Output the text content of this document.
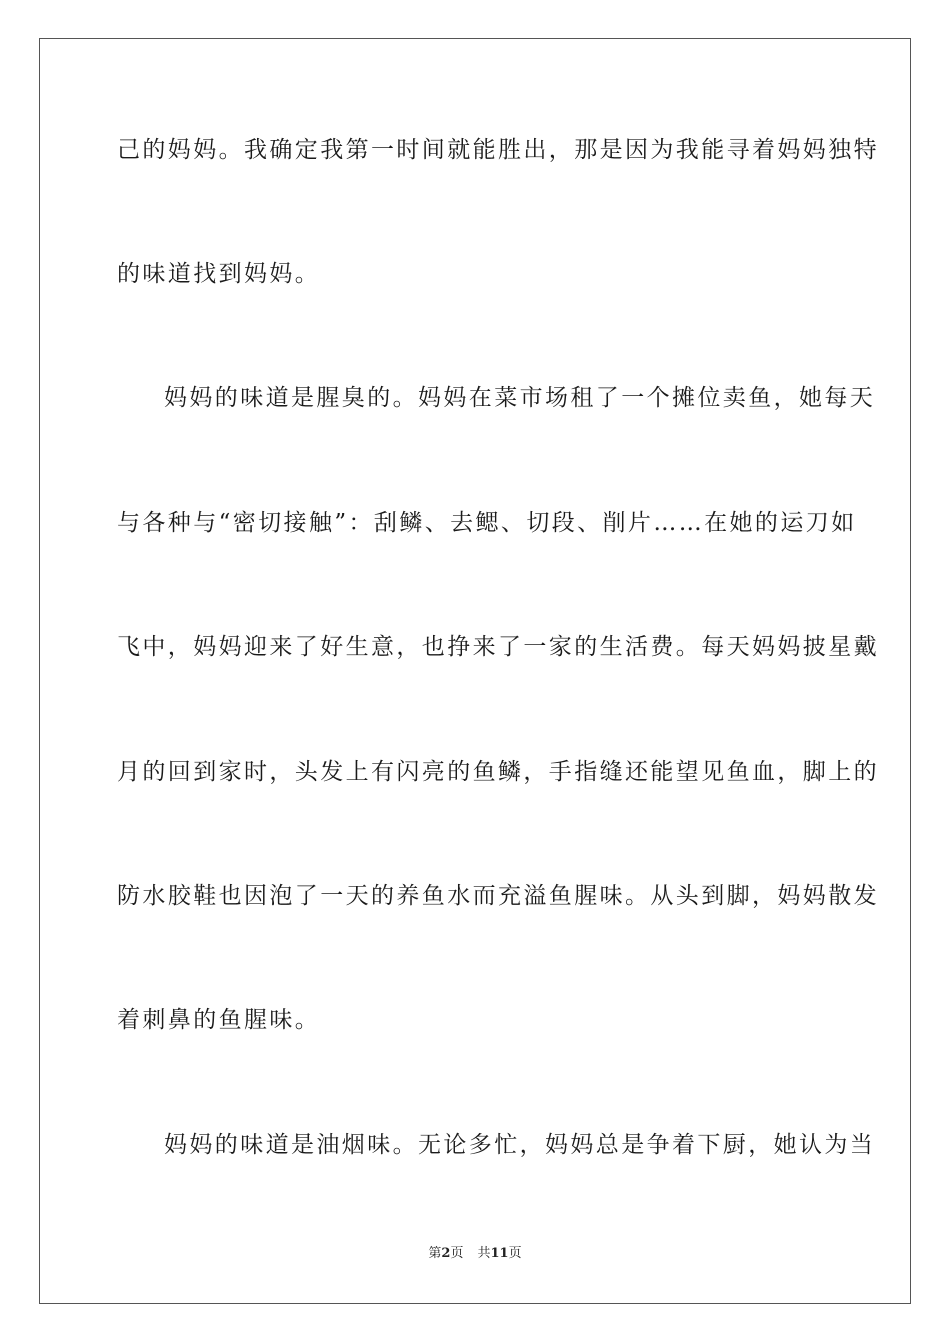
己的妈妈。我确定我第一时间就能胜出，那是因为我能寻着妈妈独特
的味道找到妈妈。
妈妈的味道是腥臭的。妈妈在菜市场租了一个摊位卖鱼，她每天
与各种与“密切接触”：刮鳞、去鳃、切段、削片……在她的运刀如
飞中，妈妈迎来了好生意，也挣来了一家的生活费。每天妈妈披星戴
月的回到家时，头发上有闪亮的鱼鳞，手指缝还能望见鱼血，脚上的
防水胶鞋也因泡了一天的养鱼水而充溢鱼腥味。从头到脚，妈妈散发
着刺鼻的鱼腥味。
妈妈的味道是油烟味。无论多忙，妈妈总是争着下厨，她认为当
第2页 共11页
